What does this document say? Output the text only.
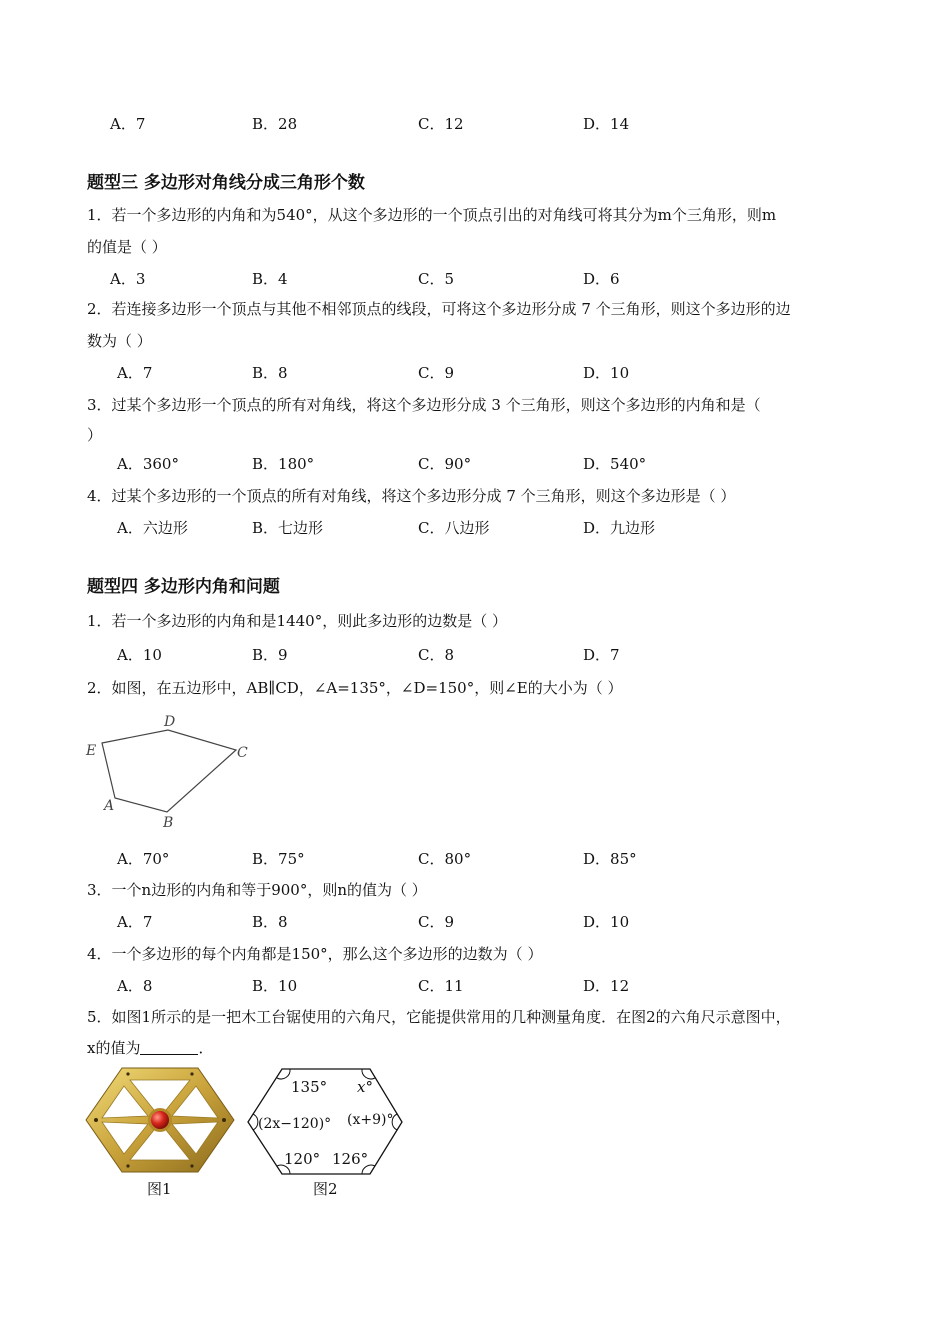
A．7	B．28	C．12	D．14
题型三 多边形对角线分成三角形个数
1．若一个多边形的内角和为540°，从这个多边形的一个顶点引出的对角线可将其分为m个三角形，则m
的值是（ ）
A．3	B．4	C．5	D．6
2．若连接多边形一个顶点与其他不相邻顶点的线段，可将这个多边形分成 7 个三角形，则这个多边形的边
数为（ ）
A．7	B．8	C．9	D．10
3．过某个多边形一个顶点的所有对角线，将这个多边形分成 3 个三角形，则这个多边形的内角和是（
）
A．360°	B．180°	C．90°	D．540°
4．过某个多边形的一个顶点的所有对角线，将这个多边形分成 7 个三角形，则这个多边形是（ ）
A．六边形	B．七边形	C．八边形	D．九边形
题型四 多边形内角和问题
1．若一个多边形的内角和是1440°，则此多边形的边数是（ ）
A．10	B．9	C．8	D．7
2．如图，在五边形中，AB∥CD，∠A=135°，∠D=150°，则∠E的大小为（ ）
D
C
E
A
B
A．70°	B．75°	C．80°	D．85°
3．一个n边形的内角和等于900°，则n的值为（ ）
A．7	B．8	C．9	D．10
4．一个多边形的每个内角都是150°，那么这个多边形的边数为（ ）
A．8	B．10	C．11	D．12
5．如图1所示的是一把木工台锯使用的六角尺，它能提供常用的几种测量角度．在图2的六角尺示意图中，
x的值为	．
图1
135° x°
(2x−120)° (x+9)°
120° 126°
图2
